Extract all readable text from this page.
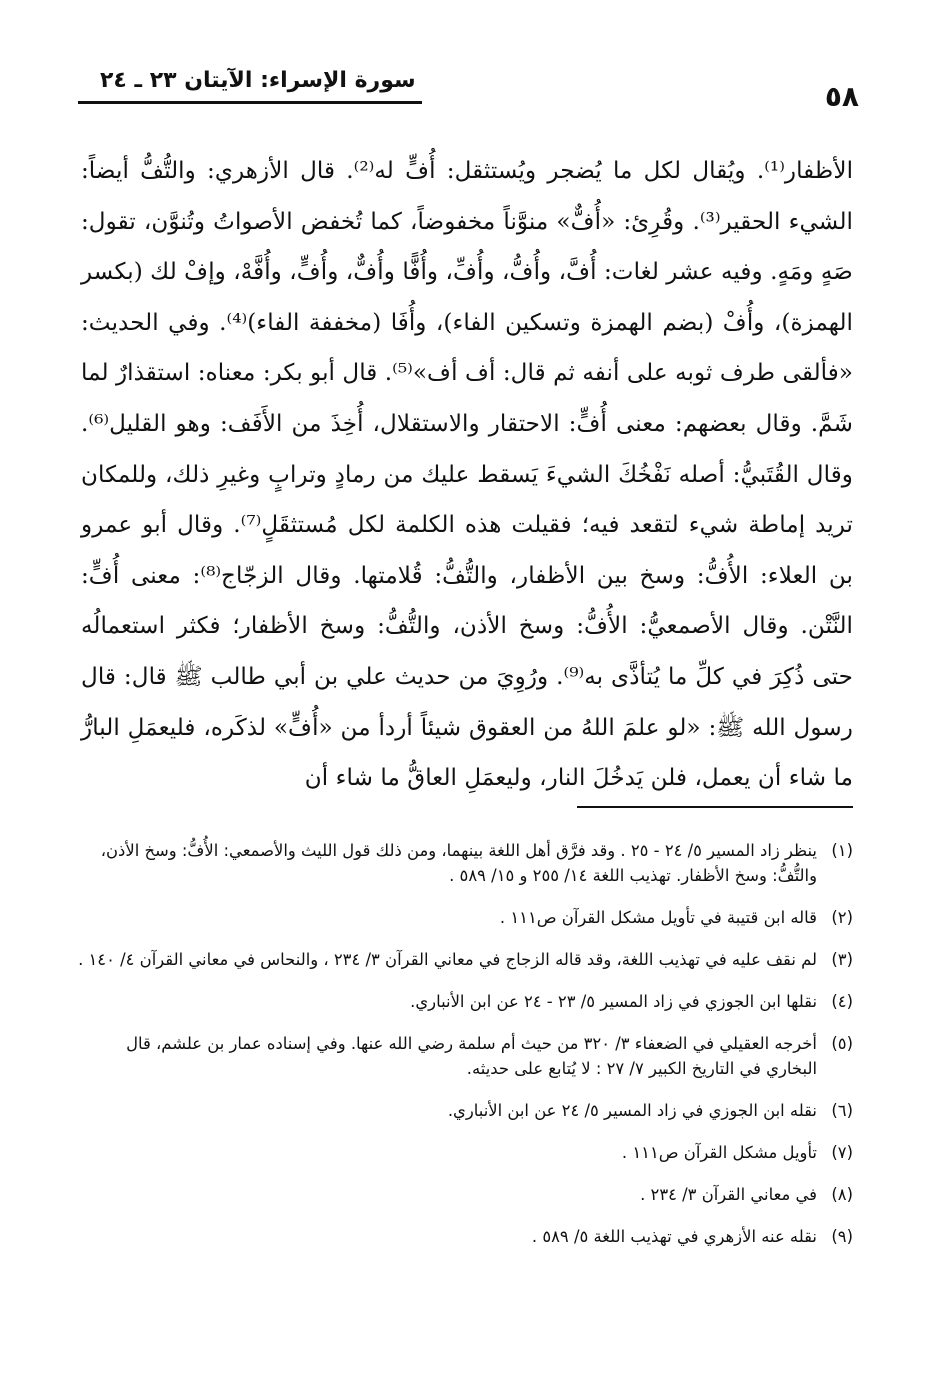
٥٨
سورة الإسراء: الآيتان ٢٣ ـ ٢٤

الأظفار⁽¹⁾. ويُقال لكل ما يُضجر ويُستثقل: أُفٍّ له⁽²⁾. قال الأزهري: والتُّفُّ أيضاً: الشيء الحقير⁽³⁾. وقُرِئ: «أُفٌّ» منوَّناً مخفوضاً، كما تُخفض الأصواتُ وتُنوَّن، تقول: صَهٍ ومَهٍ. وفيه عشر لغات: أُفَّ، وأُفُّ، وأُفِّ، وأُفًّا وأُفٌّ، وأُفٍّ، وأُفَّهْ، وإفْ لك (بكسر الهمزة)، وأُفْ (بضم الهمزة وتسكين الفاء)، وأُفَا (مخففة الفاء)⁽⁴⁾. وفي الحديث: «فألقى طرف ثوبه على أنفه ثم قال: أف أف»⁽⁵⁾. قال أبو بكر: معناه: استقذارٌ لما شَمَّ. وقال بعضهم: معنى أُفٍّ: الاحتقار والاستقلال، أُخِذَ من الأَفَف: وهو القليل⁽⁶⁾. وقال القُتَبيُّ: أصله نَفْخُكَ الشيءَ يَسقط عليك من رمادٍ وترابٍ وغيرِ ذلك، وللمكان تريد إماطة شيء لتقعد فيه؛ فقيلت هذه الكلمة لكل مُستثقَلٍ⁽⁷⁾. وقال أبو عمرو بن العلاء: الأُفُّ: وسخ بين الأظفار، والتُّفُّ: قُلامتها. وقال الزجّاج⁽⁸⁾: معنى أُفٍّ: النَّتْن. وقال الأصمعيُّ: الأُفُّ: وسخ الأذن، والتُّفُّ: وسخ الأظفار؛ فكثر استعمالُه حتى ذُكِرَ في كلِّ ما يُتأذَّى به⁽⁹⁾. ورُوِيَ من حديث علي بن أبي طالب ﷺ قال: قال رسول الله ﷺ: «لو علمَ اللهُ من العقوق شيئاً أردأ من «أُفٍّ» لذكَره، فليعمَلِ البارُّ ما شاء أن يعمل، فلن يَدخُلَ النار، وليعمَلِ العاقُّ ما شاء أن

(١)
ينظر زاد المسير ٥/ ٢٤ - ٢٥ . وقد فرَّق أهل اللغة بينهما، ومن ذلك قول الليث والأصمعي: الأُفُّ: وسخ الأذن، والتُّفُّ: وسخ الأظفار. تهذيب اللغة ١٤/ ٢٥٥ و ١٥/ ٥٨٩ .
(٢)
قاله ابن قتيبة في تأويل مشكل القرآن ص١١١ .
(٣)
لم نقف عليه في تهذيب اللغة، وقد قاله الزجاج في معاني القرآن ٣/ ٢٣٤ ، والنحاس في معاني القرآن ٤/ ١٤٠ .
(٤)
نقلها ابن الجوزي في زاد المسير ٥/ ٢٣ - ٢٤ عن ابن الأنباري.
(٥)
أخرجه العقيلي في الضعفاء ٣/ ٣٢٠ من حيث أم سلمة رضي الله عنها. وفي إسناده عمار بن علشم، قال البخاري في التاريخ الكبير ٧/ ٢٧ : لا يُتابع على حديثه.
(٦)
نقله ابن الجوزي في زاد المسير ٥/ ٢٤ عن ابن الأنباري.
(٧)
تأويل مشكل القرآن ص١١١ .
(٨)
في معاني القرآن ٣/ ٢٣٤ .
(٩)
نقله عنه الأزهري في تهذيب اللغة ٥/ ٥٨٩ .
